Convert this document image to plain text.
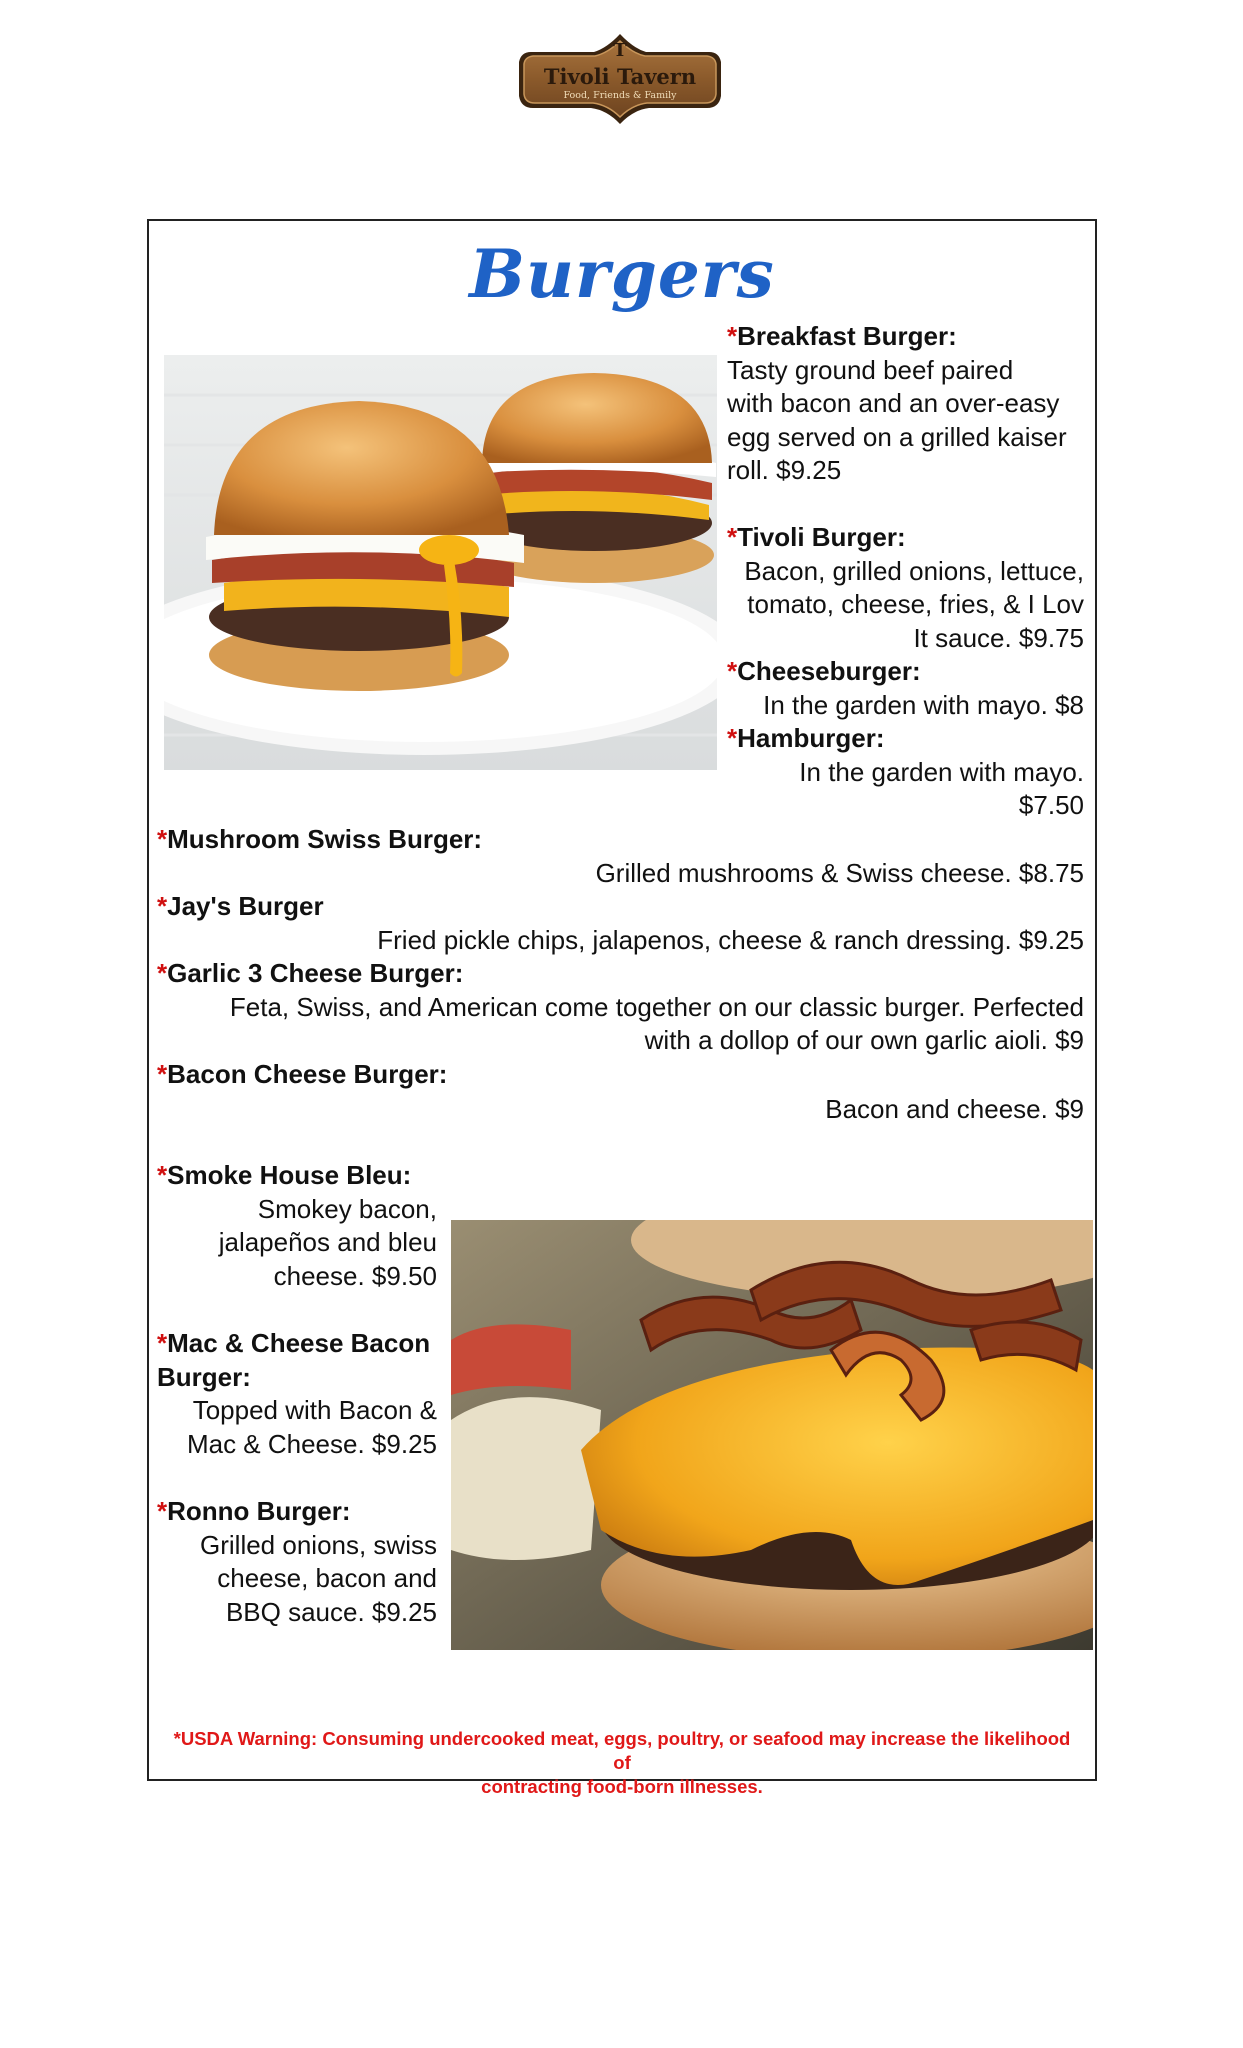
T
Tivoli Tavern
Food, Friends & Family
Burgers
*Breakfast Burger:
Tasty ground beef paired
with bacon and an over-easy
egg served on a grilled kaiser
roll. $9.25
*Tivoli Burger:
Bacon, grilled onions, lettuce,
tomato, cheese, fries, & I Lov
It sauce. $9.75
*Cheeseburger:
In the garden with mayo. $8
*Hamburger:
In the garden with mayo.
$7.50
*Mushroom Swiss Burger:
Grilled mushrooms & Swiss cheese. $8.75
*Jay's Burger
Fried pickle chips, jalapenos, cheese & ranch dressing. $9.25
*Garlic 3 Cheese Burger:
Feta, Swiss, and American come together on our classic burger. Perfected
with a dollop of our own garlic aioli. $9
*Bacon Cheese Burger:
Bacon and cheese. $9
*Smoke House Bleu:
Smokey bacon,
jalapeños and bleu
cheese. $9.50
*Mac & Cheese Bacon
Burger:
Topped with Bacon &
Mac & Cheese. $9.25
*Ronno Burger:
Grilled onions, swiss
cheese, bacon and
BBQ sauce. $9.25
*USDA Warning: Consuming undercooked meat, eggs, poultry, or seafood may increase the likelihood of
contracting food-born illnesses.
